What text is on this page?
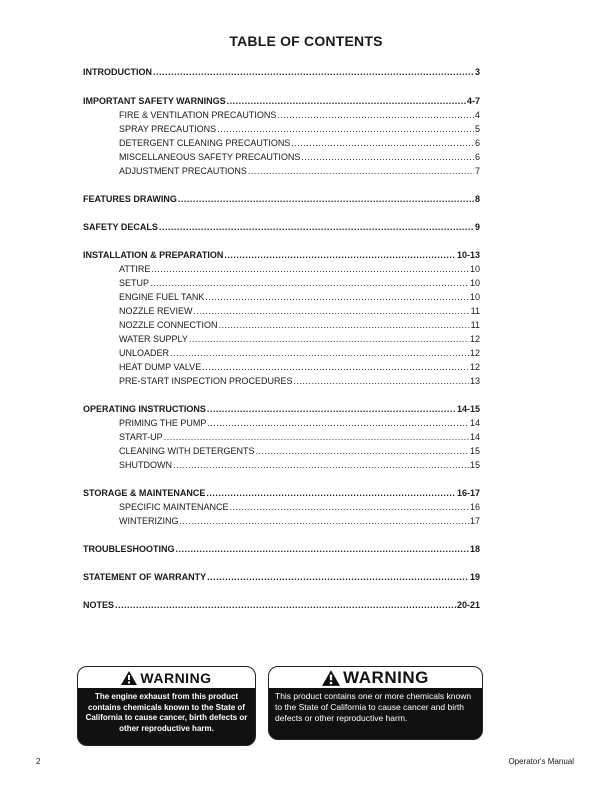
TABLE OF CONTENTS
INTRODUCTION .....	3
IMPORTANT SAFETY WARNINGS .....	4-7
FIRE & VENTILATION PRECAUTIONS .....	4
SPRAY PRECAUTIONS .....	5
DETERGENT CLEANING PRECAUTIONS .....	6
MISCELLANEOUS SAFETY PRECAUTIONS .....	6
ADJUSTMENT PRECAUTIONS .....	7
FEATURES DRAWING .....	8
SAFETY DECALS .....	9
INSTALLATION & PREPARATION .....	10-13
ATTIRE .....	10
SETUP .....	10
ENGINE FUEL TANK .....	10
NOZZLE REVIEW .....	11
NOZZLE CONNECTION .....	11
WATER SUPPLY .....	12
UNLOADER .....	12
HEAT DUMP VALVE .....	12
PRE-START INSPECTION PROCEDURES .....	13
OPERATING INSTRUCTIONS .....	14-15
PRIMING THE PUMP .....	14
START-UP .....	14
CLEANING WITH DETERGENTS .....	15
SHUTDOWN .....	15
STORAGE & MAINTENANCE .....	16-17
SPECIFIC MAINTENANCE .....	16
WINTERIZING .....	17
TROUBLESHOOTING .....	18
STATEMENT OF WARRANTY .....	19
NOTES .....	20-21
WARNING
The engine exhaust from this product contains chemicals known to the State of California to cause cancer, birth defects or other reproductive harm.
WARNING
This product contains one or more chemicals known to the State of California to cause cancer and birth defects or other reproductive harm.
2	Operator's Manual
